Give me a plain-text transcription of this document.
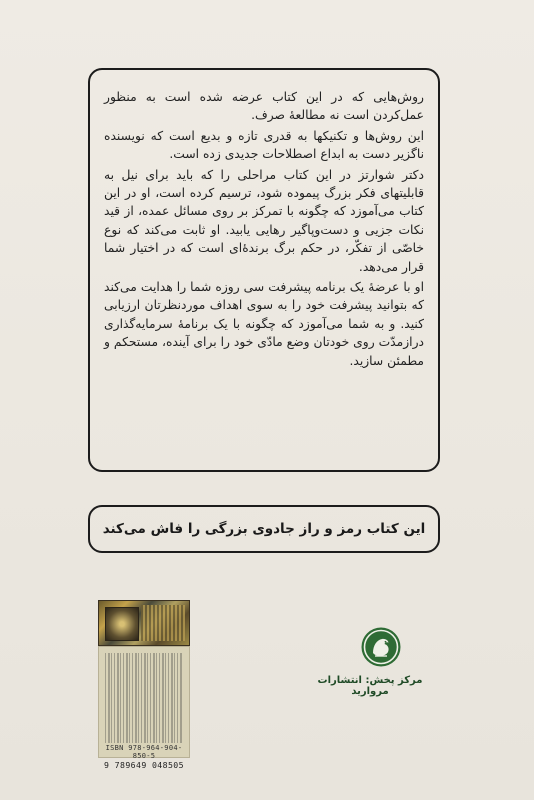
روش‌هایی که در این کتاب عرضه شده است به منظور عمل‌کردن است نه مطالعهٔ صرف.

این روش‌ها و تکنیکها به قدری تازه و بدیع است که نویسنده ناگزیر دست به ابداع اصطلاحات جدیدی زده است.

دکتر شوارتز در این کتاب مراحلی را که باید برای نیل به قابلیتهای فکر بزرگ پیموده شود، ترسیم کرده است، او در این کتاب می‌آموزد که چگونه با تمرکز بر روی مسائل عمده، از قید نکات جزیی و دست‌وپاگیر رهایی یابید. او ثابت می‌کند که نوع خاصّی از تفکّر، در حکم برگ برندهٔ‌ای است که در اختیار شما قرار می‌دهد.

او با عرضهٔ یک برنامه پیشرفت سی روزه شما را هدایت می‌کند که بتوانید پیشرفت خود را به سوی اهداف موردنظرتان ارزیابی کنید. و به شما می‌آموزد که چگونه با یک برنامهٔ سرمایه‌گذاری درازمدّت روی خودتان وضع مادّی خود را برای آینده، مستحکم و مطمئن سازید.

این کتاب رمز و راز جادوی بزرگی را فاش می‌کند
ISBN 978-964-904-850-5
9 789649 048505
مرکز پخش: انتشارات مروارید
